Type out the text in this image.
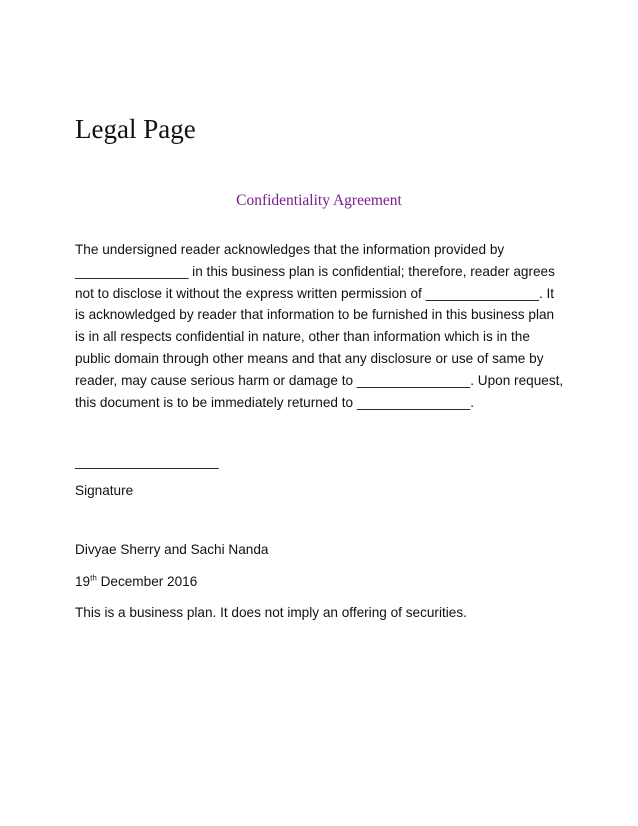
Legal Page
Confidentiality Agreement

The undersigned reader acknowledges that the information provided by
_______________ in this business plan is confidential; therefore, reader agrees
not to disclose it without the express written permission of _______________. It
is acknowledged by reader that information to be furnished in this business plan
is in all respects confidential in nature, other than information which is in the
public domain through other means and that any disclosure or use of same by
reader, may cause serious harm or damage to _______________. Upon request,
this document is to be immediately returned to _______________.

___________________
Signature
Divyae Sherry and Sachi Nanda
19th December 2016
This is a business plan. It does not imply an offering of securities.
